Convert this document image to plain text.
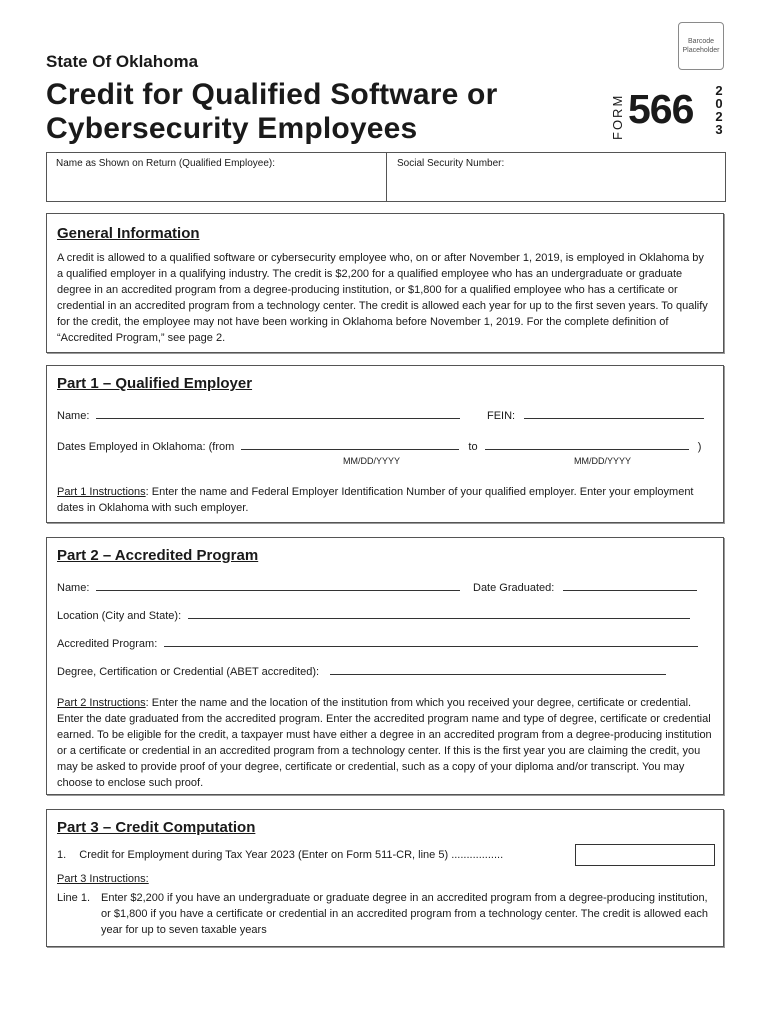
Barcode
Placeholder
State Of Oklahoma
Credit for Qualified Software or
Cybersecurity Employees	FORM 566 2
0
2
3
Name as Shown on Return (Qualified Employee):	Social Security Number:
General Information
A credit is allowed to a qualified software or cybersecurity employee who, on or after November 1, 2019, is employed in Oklahoma by a qualified employer in a qualifying industry. The credit is $2,200 for a qualified employee who has an undergraduate or graduate degree in an accredited program from a degree-producing institution, or $1,800 for a qualified employee who has a certificate or credential in an accredited program from a technology center. The credit is allowed each year for up to the first seven years. To qualify for the credit, the employee may not have been working in Oklahoma before November 1, 2019. For the complete definition of “Accredited Program,” see page 2.
Part 1 – Qualified Employer
Name:	FEIN:
Dates Employed in Oklahoma: (from	to	)
MM/DD/YYYY	MM/DD/YYYY
Part 1 Instructions: Enter the name and Federal Employer Identification Number of your qualified employer. Enter your employment dates in Oklahoma with such employer.
Part 2 – Accredited Program
Name:	Date Graduated:
Location (City and State):
Accredited Program:
Degree, Certification or Credential (ABET accredited):
Part 2 Instructions: Enter the name and the location of the institution from which you received your degree, certificate or credential. Enter the date graduated from the accredited program. Enter the accredited program name and type of degree, certificate or credential earned. To be eligible for the credit, a taxpayer must have either a degree in an accredited program from a degree-producing institution or a certificate or credential in an accredited program from a technology center. If this is the first year you are claiming the credit, you may be asked to provide proof of your degree, certificate or credential, such as a copy of your diploma and/or transcript. You may choose to enclose such proof.
Part 3 – Credit Computation
1. Credit for Employment during Tax Year 2023 (Enter on Form 511-CR, line 5) .................
Part 3 Instructions:
Line 1. Enter $2,200 if you have an undergraduate or graduate degree in an accredited program from a degree-producing institution, or $1,800 if you have a certificate or credential in an accredited program from a technology center. The credit is allowed each year for up to seven taxable years
